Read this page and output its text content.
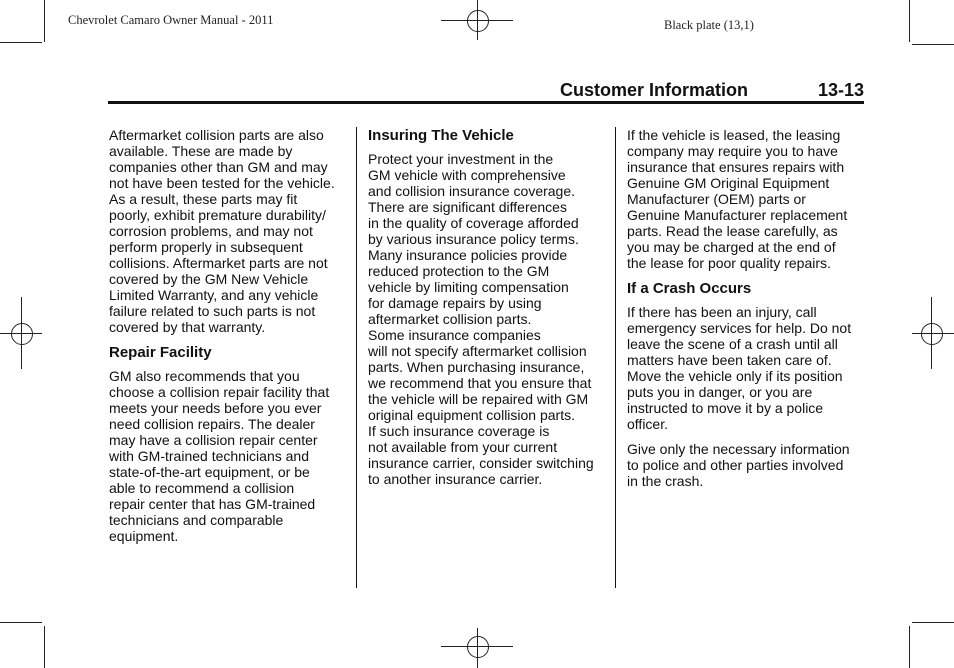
Chevrolet Camaro Owner Manual - 2011	Black plate (13,1)
Customer Information	13-13

Aftermarket collision parts are also
available. These are made by
companies other than GM and may
not have been tested for the vehicle.
As a result, these parts may fit
poorly, exhibit premature durability/
corrosion problems, and may not
perform properly in subsequent
collisions. Aftermarket parts are not
covered by the GM New Vehicle
Limited Warranty, and any vehicle
failure related to such parts is not
covered by that warranty.

Repair Facility

GM also recommends that you
choose a collision repair facility that
meets your needs before you ever
need collision repairs. The dealer
may have a collision repair center
with GM-trained technicians and
state-of-the-art equipment, or be
able to recommend a collision
repair center that has GM-trained
technicians and comparable
equipment.

Insuring The Vehicle

Protect your investment in the
GM vehicle with comprehensive
and collision insurance coverage.
There are significant differences
in the quality of coverage afforded
by various insurance policy terms.
Many insurance policies provide
reduced protection to the GM
vehicle by limiting compensation
for damage repairs by using
aftermarket collision parts.
Some insurance companies
will not specify aftermarket collision
parts. When purchasing insurance,
we recommend that you ensure that
the vehicle will be repaired with GM
original equipment collision parts.
If such insurance coverage is
not available from your current
insurance carrier, consider switching
to another insurance carrier.

If the vehicle is leased, the leasing
company may require you to have
insurance that ensures repairs with
Genuine GM Original Equipment
Manufacturer (OEM) parts or
Genuine Manufacturer replacement
parts. Read the lease carefully, as
you may be charged at the end of
the lease for poor quality repairs.

If a Crash Occurs

If there has been an injury, call
emergency services for help. Do not
leave the scene of a crash until all
matters have been taken care of.
Move the vehicle only if its position
puts you in danger, or you are
instructed to move it by a police
officer.

Give only the necessary information
to police and other parties involved
in the crash.
